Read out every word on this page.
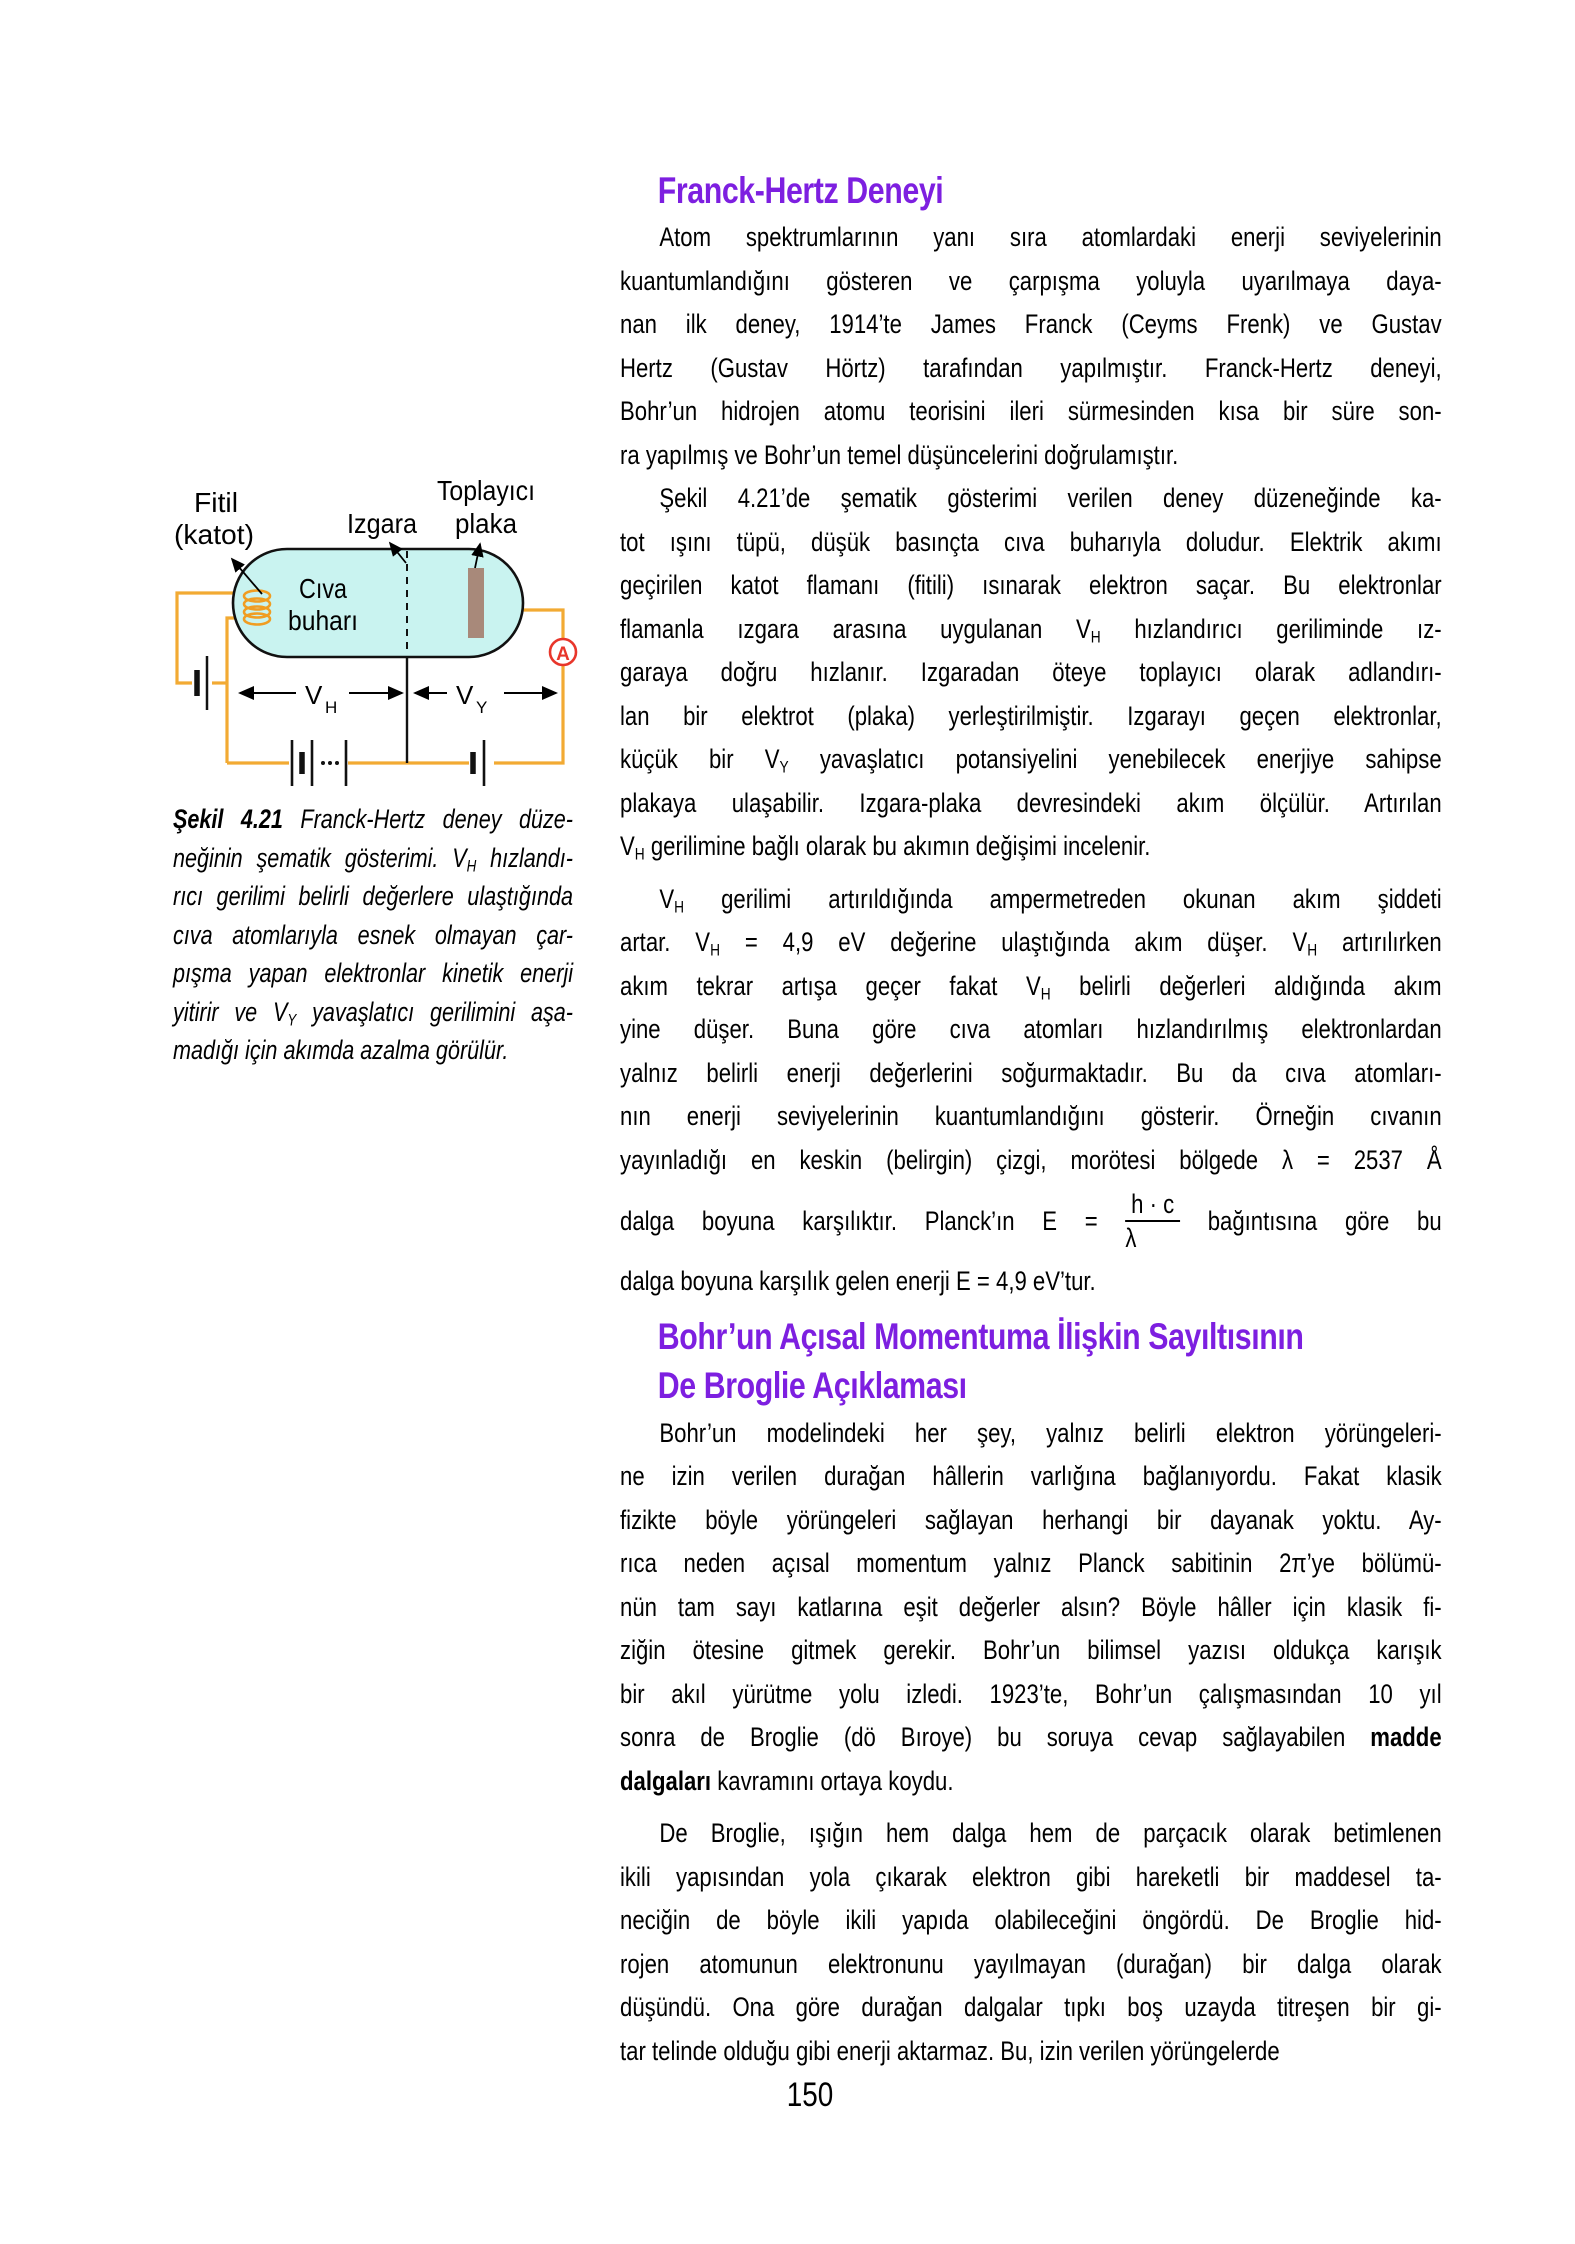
A
V H	V Y
Fitil
(katot)	Izgara
Toplayıcı
plaka
Cıva
buharı
Şekil 4.21 Franck-Hertz deney düze-
neğinin şematik gösterimi. $V_H$ hızlandı-
rıcı gerilimi belirli değerlere ulaştığında
cıva atomlarıyla esnek olmayan çar-
pışma yapan elektronlar kinetik enerji
yitirir ve $V_Y$ yavaşlatıcı gerilimini aşa-
madığı için akımda azalma görülür.
Franck-Hertz Deneyi
Atom spektrumlarının yanı sıra atomlardaki enerji seviyelerinin
kuantumlandığını gösteren ve çarpışma yoluyla uyarılmaya daya-
nan ilk deney, 1914’te James Franck (Ceyms Frenk) ve Gustav
Hertz (Gustav Hörtz) tarafından yapılmıştır. Franck-Hertz deneyi,
Bohr’un hidrojen atomu teorisini ileri sürmesinden kısa bir süre son-
ra yapılmış ve Bohr’un temel düşüncelerini doğrulamıştır.
Şekil 4.21’de şematik gösterimi verilen deney düzeneğinde ka-
tot ışını tüpü, düşük basınçta cıva buharıyla doludur. Elektrik akımı
geçirilen katot flamanı (fitili) ısınarak elektron saçar. Bu elektronlar
flamanla ızgara arasına uygulanan $V_H$ hızlandırıcı geriliminde ız-
garaya doğru hızlanır. Izgaradan öteye toplayıcı olarak adlandırı-
lan bir elektrot (plaka) yerleştirilmiştir. Izgarayı geçen elektronlar,
küçük bir $V_Y$ yavaşlatıcı potansiyelini yenebilecek enerjiye sahipse
plakaya ulaşabilir. Izgara-plaka devresindeki akım ölçülür. Artırılan
$V_H$ gerilimine bağlı olarak bu akımın değişimi incelenir.
$V_H$ gerilimi artırıldığında ampermetreden okunan akım şiddeti
artar. $V_H = 4,9$ eV değerine ulaştığında akım düşer. $V_H$ artırılırken
akım tekrar artışa geçer fakat $V_H$ belirli değerleri aldığında akım
yine düşer. Buna göre cıva atomları hızlandırılmış elektronlardan
yalnız belirli enerji değerlerini soğurmaktadır. Bu da cıva atomları-
nın enerji seviyelerinin kuantumlandığını gösterir. Örneğin cıvanın
yayınladığı en keskin (belirgin) çizgi, morötesi bölgede λ = 2537 Å
dalga boyuna karşılıktır. Planck’ın $E = \frac{h \cdot c}{\lambda}$ bağıntısına göre bu
dalga boyuna karşılık gelen enerji E = 4,9 eV’tur.
Bohr’un Açısal Momentuma İlişkin Sayıltısının
De Broglie Açıklaması
Bohr’un modelindeki her şey, yalnız belirli elektron yörüngeleri-
ne izin verilen durağan hâllerin varlığına bağlanıyordu. Fakat klasik
fizikte böyle yörüngeleri sağlayan herhangi bir dayanak yoktu. Ay-
rıca neden açısal momentum yalnız Planck sabitinin 2π’ye bölümü-
nün tam sayı katlarına eşit değerler alsın? Böyle hâller için klasik fi-
ziğin ötesine gitmek gerekir. Bohr’un bilimsel yazısı oldukça karışık
bir akıl yürütme yolu izledi. 1923’te, Bohr’un çalışmasından 10 yıl
sonra de Broglie (dö Bıroye) bu soruya cevap sağlayabilen madde
dalgaları kavramını ortaya koydu.
De Broglie, ışığın hem dalga hem de parçacık olarak betimlenen
ikili yapısından yola çıkarak elektron gibi hareketli bir maddesel ta-
neciğin de böyle ikili yapıda olabileceğini öngördü. De Broglie hid-
rojen atomunun elektronunu yayılmayan (durağan) bir dalga olarak
düşündü. Ona göre durağan dalgalar tıpkı boş uzayda titreşen bir gi-
tar telinde olduğu gibi enerji aktarmaz. Bu, izin verilen yörüngelerde
150
